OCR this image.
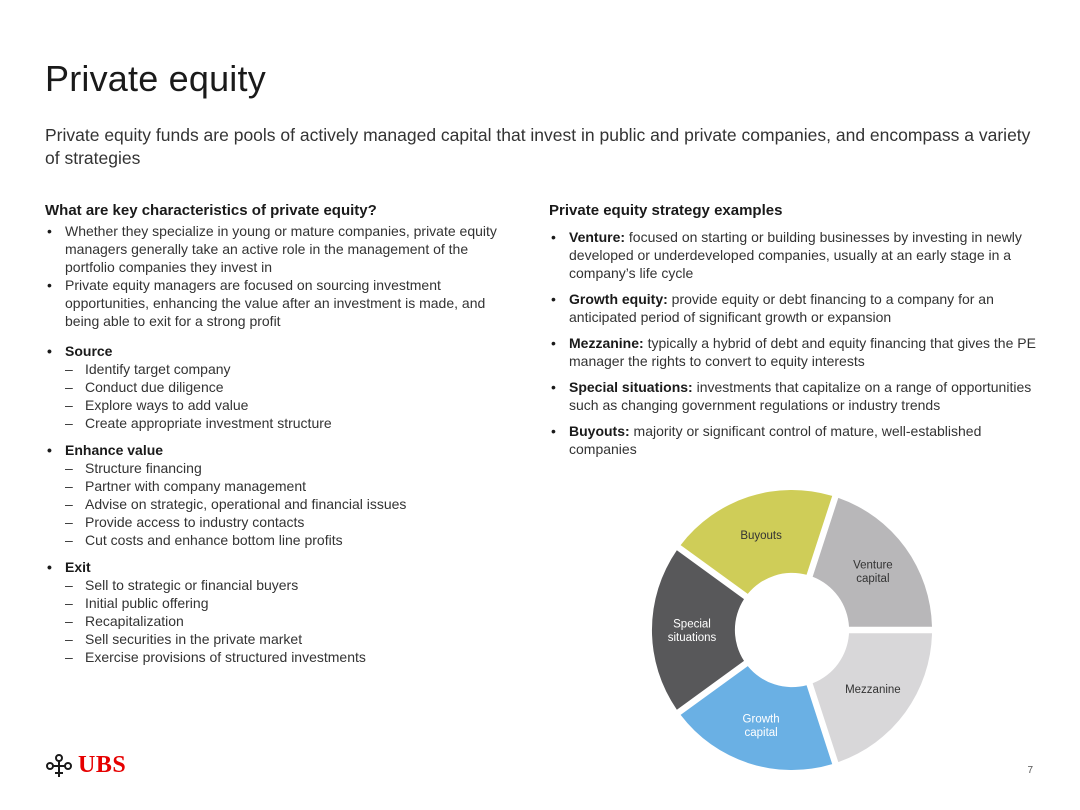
Private equity

Private equity funds are pools of actively managed capital that invest in public and private companies, and encompass a variety of strategies

What are key characteristics of private equity?
• Whether they specialize in young or mature companies, private equity managers generally take an active role in the management of the portfolio companies they invest in
• Private equity managers are focused on sourcing investment opportunities, enhancing the value after an investment is made, and being able to exit for a strong profit
• Source
– Identify target company
– Conduct due diligence
– Explore ways to add value
– Create appropriate investment structure
• Enhance value
– Structure financing
– Partner with company management
– Advise on strategic, operational and financial issues
– Provide access to industry contacts
– Cut costs and enhance bottom line profits
• Exit
– Sell to strategic or financial buyers
– Initial public offering
– Recapitalization
– Sell securities in the private market
– Exercise provisions of structured investments
Private equity strategy examples
• Venture: focused on starting or building businesses by investing in newly developed or underdeveloped companies, usually at an early stage in a company’s life cycle
• Growth equity: provide equity or debt financing to a company for an anticipated period of significant growth or expansion
• Mezzanine: typically a hybrid of debt and equity financing that gives the PE manager the rights to convert to equity interests
• Special situations: investments that capitalize on a range of opportunities such as changing government regulations or industry trends
• Buyouts: majority or significant control of mature, well-established companies
Venture capital
Mezzanine
Growth capital
Special situations
Buyouts
UBS	7
